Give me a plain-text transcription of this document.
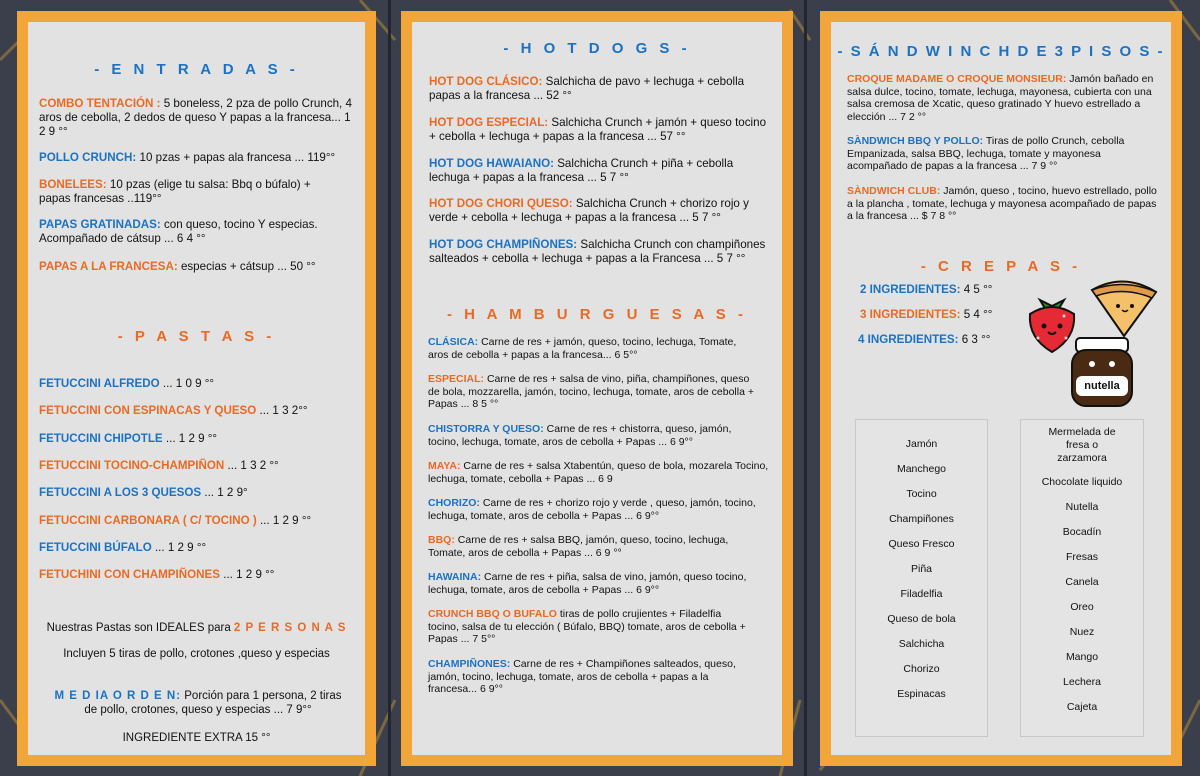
- E N T R A D A S -
COMBO TENTACIÓN : 5 boneless, 2 pza de pollo Crunch, 4 aros de cebolla, 2 dedos de queso Y papas a la francesa... 1 2 9 °°
POLLO CRUNCH: 10 pzas + papas ala francesa ... 119°°
BONELEES: 10 pzas (elige tu salsa: Bbq o búfalo) + papas francesas ..119°°
PAPAS GRATINADAS: con queso, tocino Y especias. Acompañado de cátsup ... 6 4 °°
PAPAS A LA FRANCESA: especias + cátsup ... 50 °°
- P A S T A S -
FETUCCINI ALFREDO ... 1 0 9 °°
FETUCCINI CON ESPINACAS Y QUESO ... 1 3 2°°
FETUCCINI CHIPOTLE ... 1 2 9 °°
FETUCCINI TOCINO-CHAMPIÑON ... 1 3 2 °°
FETUCCINI A LOS 3 QUESOS ... 1 2 9°
FETUCCINI CARBONARA ( C/ TOCINO ) ... 1 2 9 °°
FETUCCINI BÚFALO ... 1 2 9 °°
FETUCHINI CON CHAMPIÑONES ... 1 2 9 °°
Nuestras Pastas son IDEALES para 2 P E R S O N A S
Incluyen 5 tiras de pollo, crotones ,queso y especias
M E D IA O R D E N: Porción para 1 persona, 2 tiras de pollo, crotones, queso y especias ... 7 9°°
INGREDIENTE EXTRA 15 °°
- H O T D O G S -
HOT DOG CLÁSICO: Salchicha de pavo + lechuga + cebolla papas a la francesa ... 52 °°
HOT DOG ESPECIAL: Salchicha Crunch + jamón + queso tocino + cebolla + lechuga + papas a la francesa ... 57 °°
HOT DOG HAWAIANO: Salchicha Crunch + piña + cebolla lechuga + papas a la francesa ... 5 7 °°
HOT DOG CHORI QUESO: Salchicha Crunch + chorizo rojo y verde + cebolla + lechuga + papas a la francesa ... 5 7 °°
HOT DOG CHAMPIÑONES: Salchicha Crunch con champiñones salteados + cebolla + lechuga + papas a la Francesa ... 5 7 °°
- H A M B U R G U E S A S -
CLÁSICA: Carne de res + jamón, queso, tocino, lechuga, Tomate, aros de cebolla + papas a la francesa... 6 5°°
ESPECIAL: Carne de res + salsa de vino, piña, champiñones, queso de bola, mozzarella, jamón, tocino, lechuga, tomate, aros de cebolla + Papas ... 8 5 °°
CHISTORRA Y QUESO: Carne de res + chistorra, queso, jamón, tocino, lechuga, tomate, aros de cebolla + Papas ... 6 9°°
MAYA: Carne de res + salsa Xtabentún, queso de bola, mozarela Tocino, lechuga, tomate, cebolla + Papas ... 6 9
CHORIZO: Carne de res + chorizo rojo y verde , queso, jamón, tocino, lechuga, tomate, aros de cebolla + Papas ... 6 9°°
BBQ: Carne de res + salsa BBQ, jamón, queso, tocino, lechuga, Tomate, aros de cebolla + Papas ... 6 9 °°
HAWAINA: Carne de res + piña, salsa de vino, jamón, queso tocino, lechuga, tomate, aros de cebolla + Papas ... 6 9°°
CRUNCH BBQ O BUFALO tiras de pollo crujientes + Filadelfia tocino, salsa de tu elección ( Búfalo, BBQ) tomate, aros de cebolla + Papas ... 7 5°°
CHAMPIÑONES: Carne de res + Champiñones salteados, queso, jamón, tocino, lechuga, tomate, aros de cebolla + papas a la francesa... 6 9°°
- S Á N D W I N C H D E 3 P I S O S -
CROQUE MADAME O CROQUE MONSIEUR: Jamón bañado en salsa dulce, tocino, tomate, lechuga, mayonesa, cubierta con una salsa cremosa de Xcatic, queso gratinado Y huevo estrellado a elección ... 7 2 °°
SÀNDWICH BBQ Y POLLO: Tiras de pollo Crunch, cebolla Empanizada, salsa BBQ, lechuga, tomate y mayonesa acompañado de papas a la francesa ... 7 9 °°
SÀNDWICH CLUB: Jamón, queso , tocino, huevo estrellado, pollo a la plancha , tomate, lechuga y mayonesa acompañado de papas a la francesa ... $ 7 8 °°
- C R E P A S -
2 INGREDIENTES: 4 5 °°
3 INGREDIENTES: 5 4 °°
4 INGREDIENTES: 6 3 °°
nutella
Jamón
Manchego
Tocino
Champiñones
Queso Fresco
Piña
Filadelfia
Queso de bola
Salchicha
Chorizo
Espinacas
Mermelada de fresa o zarzamora
Chocolate liquido
Nutella
Bocadín
Fresas
Canela
Oreo
Nuez
Mango
Lechera
Cajeta
